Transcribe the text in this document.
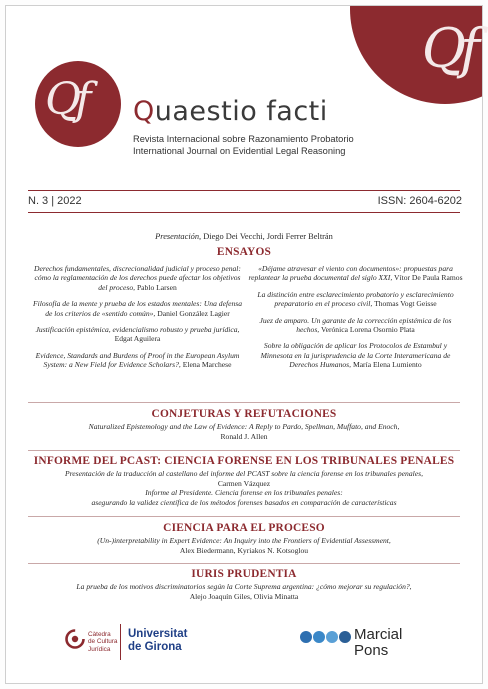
Qf
Qf Quaestio facti
Revista Internacional sobre Razonamiento Probatorio
International Journal on Evidential Legal Reasoning
N. 3 | 2022	ISSN: 2604-6202
Presentación, Diego Dei Vecchi, Jordi Ferrer Beltrán
ENSAYOS
Derechos fundamentales, discrecionalidad judicial y proceso penal: cómo la reglamentación de los derechos puede afectar los objetivos del proceso, Pablo Larsen
Filosofía de la mente y prueba de los estados mentales: Una defensa de los criterios de «sentido común», Daniel González Lagier
Justificación epistémica, evidencialismo robusto y prueba jurídica, Edgat Aguilera
Evidence, Standards and Burdens of Proof in the European Asylum System: a New Field for Evidence Scholars?, Elena Marchese
«Déjame atravesar el viento con documentos»: propuestas para replantear la prueba documental del siglo XXI, Vítor De Paula Ramos
La distinción entre esclarecimiento probatorio y esclarecimiento preparatorio en el proceso civil, Thomas Vogt Geisse
Juez de amparo. Un garante de la corrección epistémica de los hechos, Verónica Lorena Osornio Plata
Sobre la obligación de aplicar los Protocolos de Estambul y Minnesota en la jurisprudencia de la Corte Interamericana de Derechos Humanos, María Elena Lumiento
CONJETURAS Y REFUTACIONES
Naturalized Epistemology and the Law of Evidence: A Reply to Pardo, Spellman, Muffato, and Enoch,
Ronald J. Allen
INFORME DEL PCAST: CIENCIA FORENSE EN LOS TRIBUNALES PENALES
Presentación de la traducción al castellano del informe del PCAST sobre la ciencia forense en los tribunales penales,
Carmen Vázquez
Informe al Presidente. Ciencia forense en los tribunales penales:
asegurando la validez científica de los métodos forenses basados en comparación de características
CIENCIA PARA EL PROCESO
(Un-)interpretability in Expert Evidence: An Inquiry into the Frontiers of Evidential Assessment,
Alex Biedermann, Kyriakos N. Kotsoglou
IURIS PRUDENTIA
La prueba de los motivos discriminatorios según la Corte Suprema argentina: ¿cómo mejorar su regulación?,
Alejo Joaquín Giles, Olivia Minatta
Càtedra
de Cultura
Jurídica
Universitat
de Girona
Marcial
Pons
